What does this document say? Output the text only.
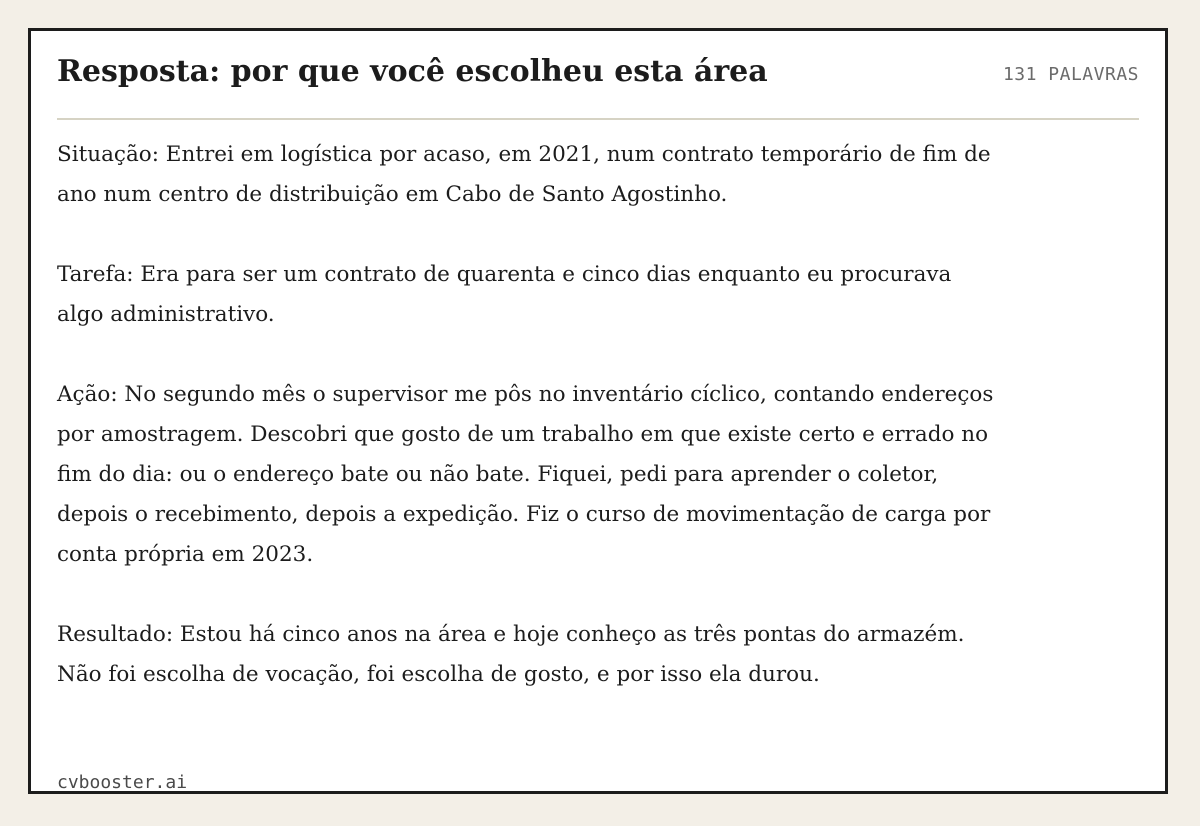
Resposta: por que você escolheu esta área	131 PALAVRAS

Situação: Entrei em logística por acaso, em 2021, num contrato temporário de fim de ano num centro de distribuição em Cabo de Santo Agostinho.

Tarefa: Era para ser um contrato de quarenta e cinco dias enquanto eu procurava algo administrativo.

Ação: No segundo mês o supervisor me pôs no inventário cíclico, contando endereços por amostragem. Descobri que gosto de um trabalho em que existe certo e errado no fim do dia: ou o endereço bate ou não bate. Fiquei, pedi para aprender o coletor, depois o recebimento, depois a expedição. Fiz o curso de movimentação de carga por conta própria em 2023.

Resultado: Estou há cinco anos na área e hoje conheço as três pontas do armazém. Não foi escolha de vocação, foi escolha de gosto, e por isso ela durou.

cvbooster.ai
